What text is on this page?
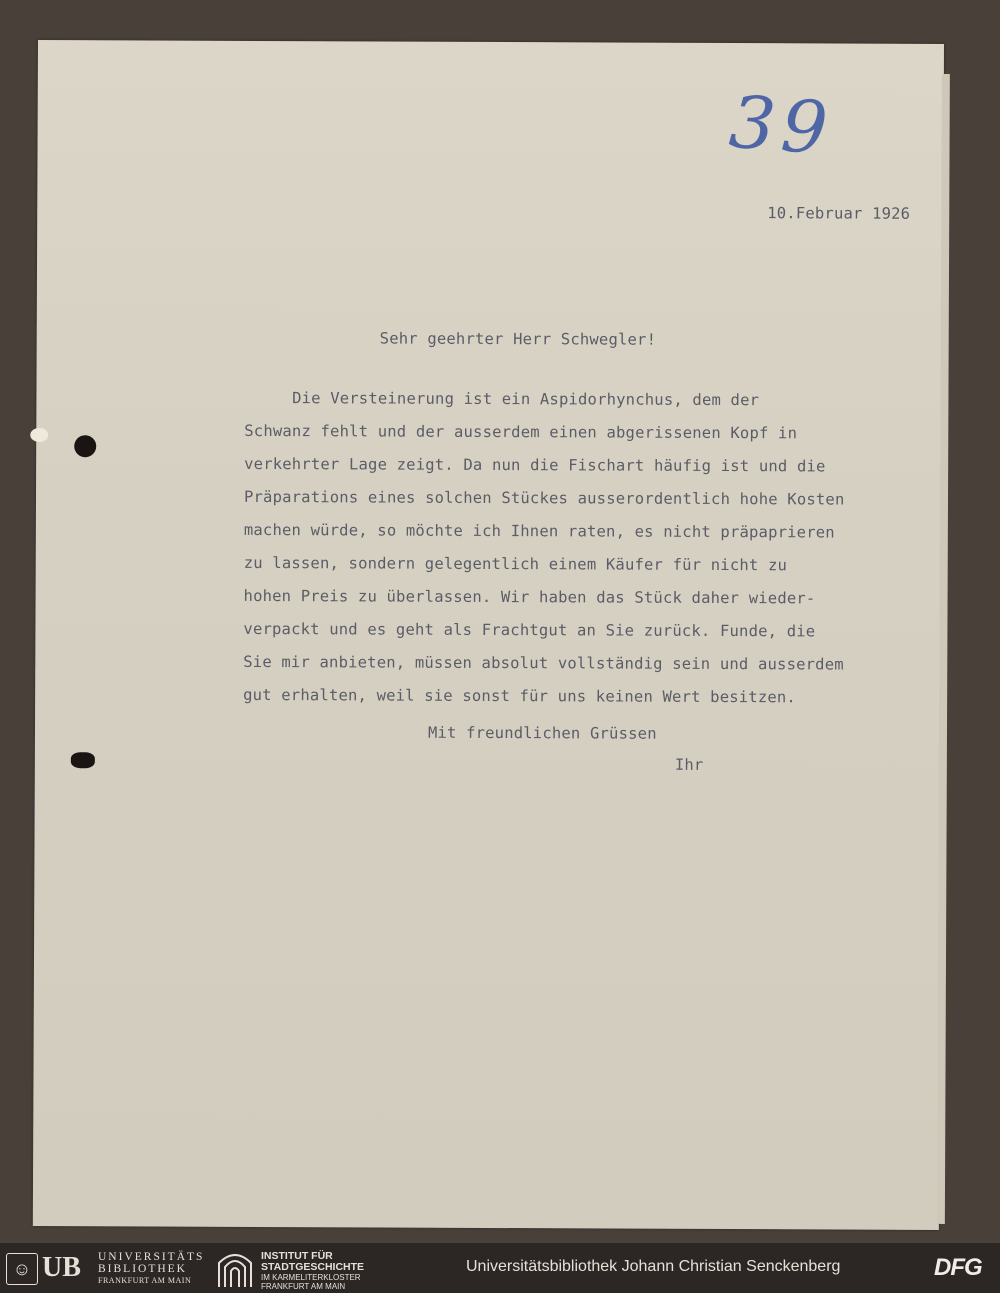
39
10.Februar 1926
Sehr geehrter Herr Schwegler!
Die Versteinerung ist ein Aspidorhynchus, dem der
Schwanz fehlt und der ausserdem einen abgerissenen Kopf in
verkehrter Lage zeigt. Da nun die Fischart häufig ist und die
Präparations eines solchen Stückes ausserordentlich hohe Kosten
machen würde, so möchte ich Ihnen raten, es nicht präpaprieren
zu lassen, sondern gelegentlich einem Käufer für nicht zu
hohen Preis zu überlassen. Wir haben das Stück daher wieder-
verpackt und es geht als Frachtgut an Sie zurück. Funde, die
Sie mir anbieten, müssen absolut vollständig sein und ausserdem
gut erhalten, weil sie sonst für uns keinen Wert besitzen.
Mit freundlichen Grüssen
Ihr
☺ UB UNIVERSITÄTS
BIBLIOTHEK
FRANKFURT AM MAIN
INSTITUT FÜR
STADTGESCHICHTE
IM KARMELITERKLOSTER
FRANKFURT AM MAIN
Universitätsbibliothek Johann Christian Senckenberg	DFG
